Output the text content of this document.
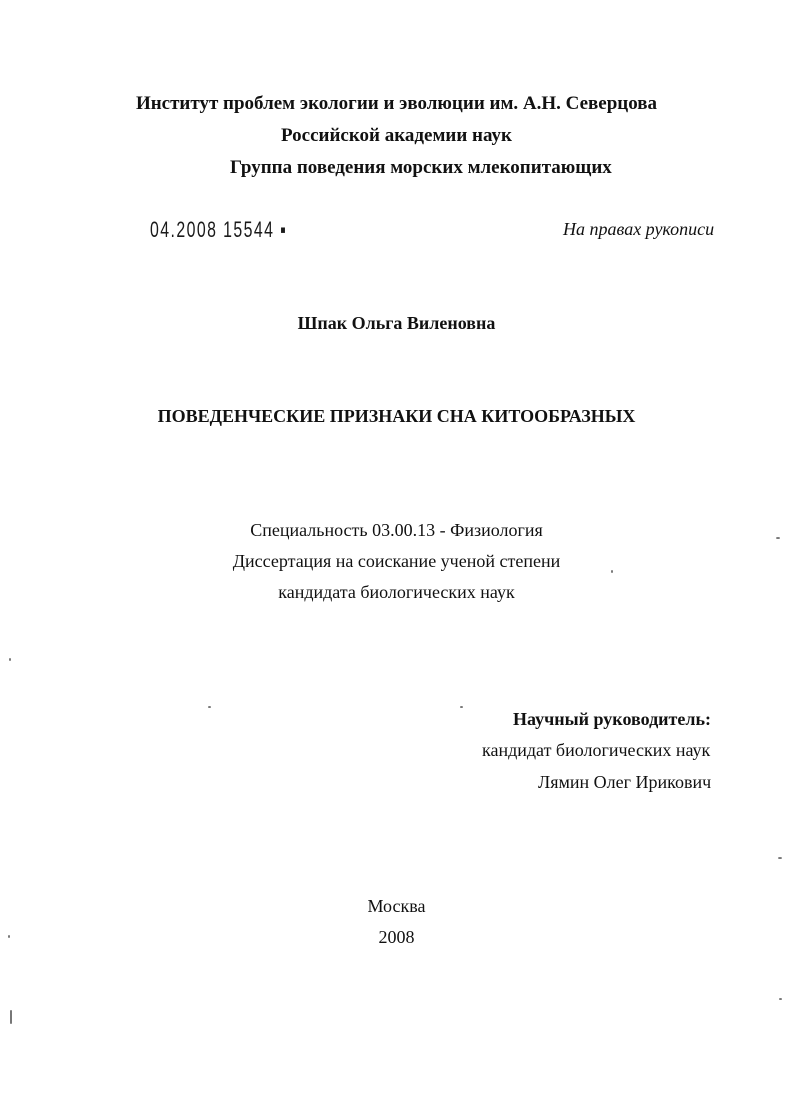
Институт проблем экологии и эволюции им. А.Н. Северцова
Российской академии наук
Группа поведения морских млекопитающих
04.2008 15544 ▪	На правах рукописи
Шпак Ольга Виленовна
ПОВЕДЕНЧЕСКИЕ ПРИЗНАКИ СНА КИТООБРАЗНЫХ
Специальность 03.00.13 - Физиология
Диссертация на соискание ученой степени
кандидата биологических наук
Научный руководитель:
кандидат биологических наук
Лямин Олег Ирикович
Москва
2008
